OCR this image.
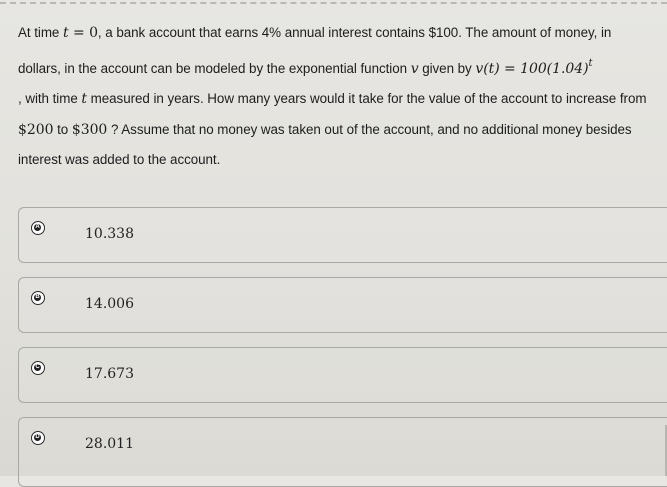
At time t = 0, a bank account that earns 4% annual interest contains $100. The amount of money, in dollars, in the account can be modeled by the exponential function v given by $v(t) = 100(1.04)^t$
, with time t measured in years. How many years would it take for the value of the account to increase from $200 to $300 ? Assume that no money was taken out of the account, and no additional money besides interest was added to the account.
A	10.338
B	14.006
C	17.673
D	28.011
